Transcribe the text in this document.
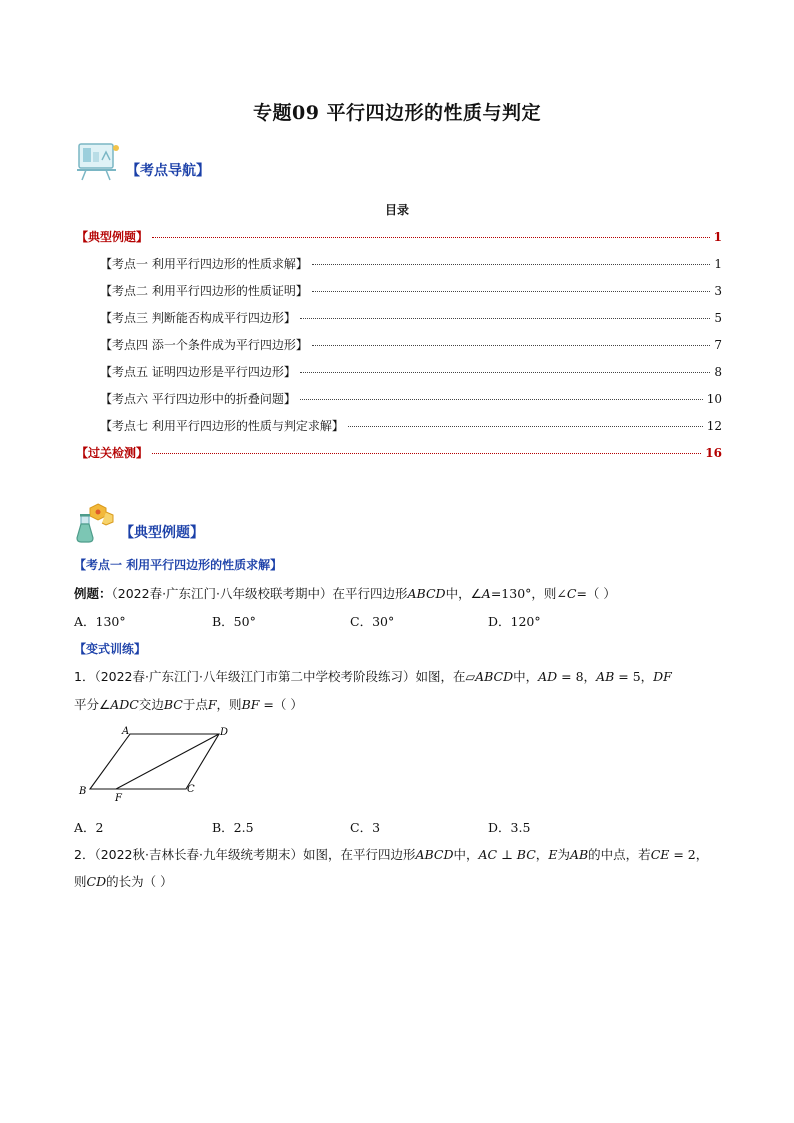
专题09 平行四边形的性质与判定
【考点导航】
目录
【典型例题】	1
【考点一 利用平行四边形的性质求解】	1
【考点二 利用平行四边形的性质证明】	3
【考点三 判断能否构成平行四边形】	5
【考点四 添一个条件成为平行四边形】	7
【考点五 证明四边形是平行四边形】	8
【考点六 平行四边形中的折叠问题】	10
【考点七 利用平行四边形的性质与判定求解】	12
【过关检测】	16
【典型例题】
【考点一 利用平行四边形的性质求解】
例题：（2022春·广东江门·八年级校联考期中）在平行四边形ABCD中，∠A=130°，则∠C=（ ）
A．130°	B．50°	C．30°	D．120°
【变式训练】
1．（2022春·广东江门·八年级江门市第二中学校考阶段练习）如图，在▱ABCD中，AD = 8，AB = 5，DF
平分∠ADC交边BC于点F，则BF =（ ）
A	D
B
F
C
A．2	B．2.5	C．3	D．3.5
2．（2022秋·吉林长春·九年级统考期末）如图，在平行四边形ABCD中，AC ⊥ BC，E为AB的中点，若CE = 2，
则CD的长为（ ）
